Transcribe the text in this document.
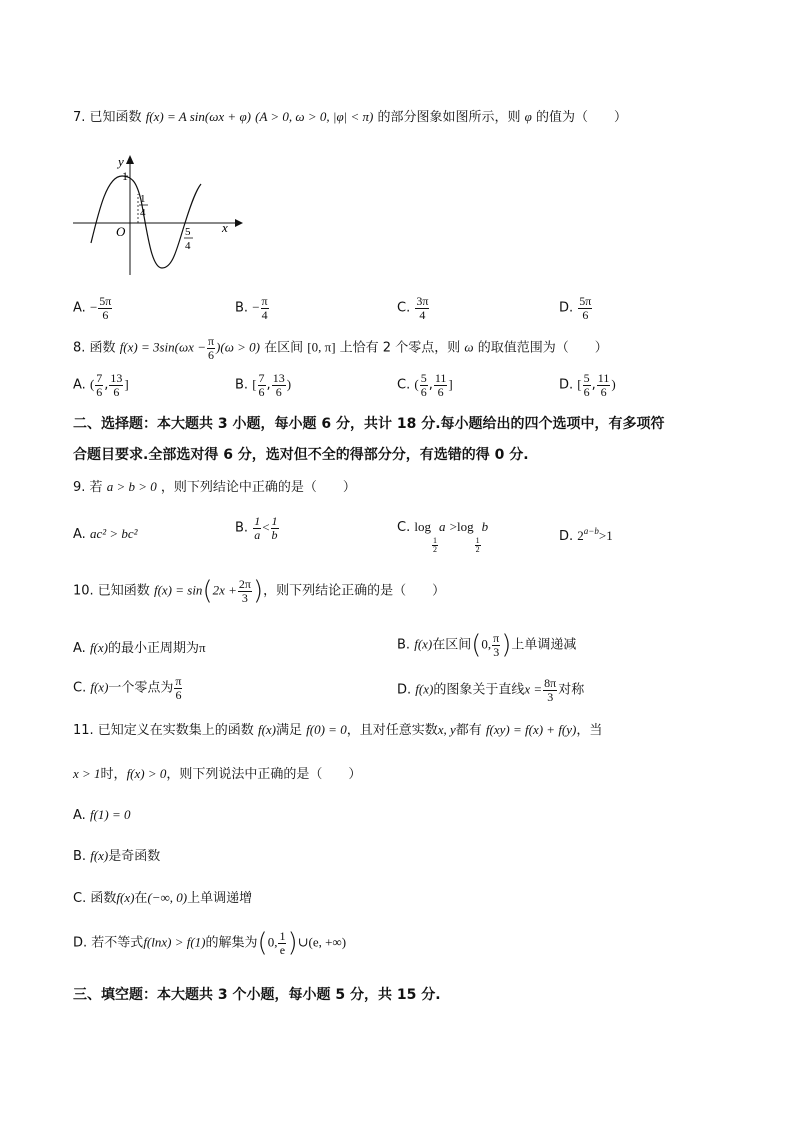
7. 已知函数 f(x) = A sin(ωx + φ) (A > 0, ω > 0, |φ| < π) 的部分图象如图所示，则 φ 的值为（　　）
y
x
O
1
1
4
5
4
A. − $\frac{5\pi}{6}$	B. − $\frac{\pi}{4}$	C. $\frac{3\pi}{4}$	D. $\frac{5\pi}{6}$
8. 函数 $f(x) = 3\sin(\omega x - \frac{\pi}{6} )(\omega > 0)$ 在区间 [0, π] 上恰有 2 个零点，则 ω 的取值范围为（　　）
A. ( $\frac{7}{6}$ , $\frac{13}{6}$ ]	B. [ $\frac{7}{6}$ , $\frac{13}{6}$ )	C. ( $\frac{5}{6}$ , $\frac{11}{6}$ ]	D. [ $\frac{5}{6}$ , $\frac{11}{6}$ )
二、选择题：本大题共 3 小题，每小题 6 分，共计 18 分.每小题给出的四个选项中，有多项符
合题目要求.全部选对得 6 分，选对但不全的得部分分，有选错的得 0 分.
9. 若 a > b > 0 ，则下列结论中正确的是（　　）
A. ac² > bc²	B. $\frac{1}{a} < \frac{1}{b}$	C. log
$\frac{1}{2}$
a >log
$\frac{1}{2}$
b
D. $2^{a-b}>1$
10. 已知函数 $f(x) = \sin(2x + \frac{2\pi}{3}$ )，则下列结论正确的是（　　）
A. f(x)的最小正周期为π	B. f(x)在区间(0, $\frac{\pi}{3}$ )上单调递减
C. f(x)一个零点为 $\frac{\pi}{6}$	D. f(x)的图象关于直线$x = \frac{8\pi}{3}$ 对称
11. 已知定义在实数集上的函数 f(x)满足 f(0) = 0，且对任意实数x, y都有 f(xy) = f(x) + f(y)，当
x > 1时，f(x) > 0，则下列说法中正确的是（　　）
A. f(1) = 0
B. f(x)是奇函数
C. 函数f(x)在(−∞, 0)上单调递增
D. 若不等式f(lnx) > f(1)的解集为(0, $\frac{1}{e}$ )∪(e, +∞)
三、填空题：本大题共 3 个小题，每小题 5 分，共 15 分.
